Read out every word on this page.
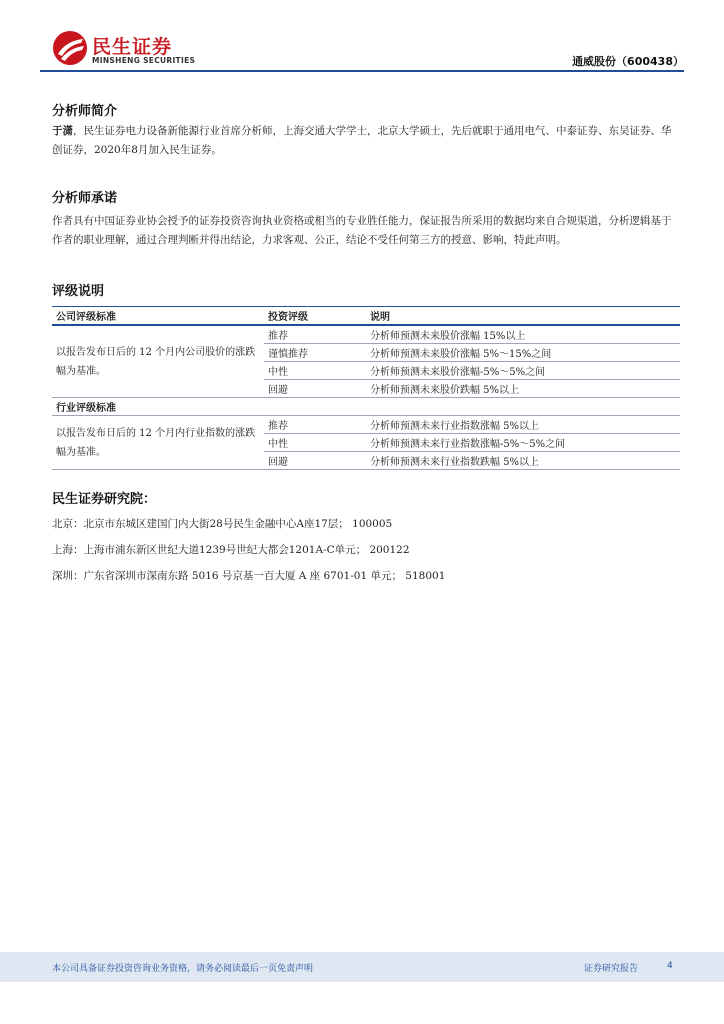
民生证券
MINSHENG SECURITIES	通威股份（600438）
分析师简介
于潇，民生证券电力设备新能源行业首席分析师，上海交通大学学士，北京大学硕士，先后就职于通用电气、中泰证券、东吴证券、华创证券，2020年8月加入民生证券。
分析师承诺
作者具有中国证券业协会授予的证券投资咨询执业资格或相当的专业胜任能力，保证报告所采用的数据均来自合规渠道，分析逻辑基于作者的职业理解，通过合理判断并得出结论，力求客观、公正，结论不受任何第三方的授意、影响，特此声明。
评级说明
公司评级标准	投资评级	说明
以报告发布日后的 12 个月内公司股价的涨跌幅为基准。	推荐	分析师预测未来股价涨幅 15%以上
	谨慎推荐	分析师预测未来股价涨幅 5%～15%之间
	中性	分析师预测未来股价涨幅-5%～5%之间
	回避	分析师预测未来股价跌幅 5%以上
行业评级标准		
以报告发布日后的 12 个月内行业指数的涨跌幅为基准。	推荐	分析师预测未来行业指数涨幅 5%以上
	中性	分析师预测未来行业指数涨幅-5%～5%之间
	回避	分析师预测未来行业指数跌幅 5%以上
民生证券研究院：
北京：北京市东城区建国门内大街28号民生金融中心A座17层； 100005
上海：上海市浦东新区世纪大道1239号世纪大都会1201A-C单元； 200122
深圳：广东省深圳市深南东路 5016 号京基一百大厦 A 座 6701-01 单元； 518001
本公司具备证券投资咨询业务资格，请务必阅读最后一页免责声明	证券研究报告	4
